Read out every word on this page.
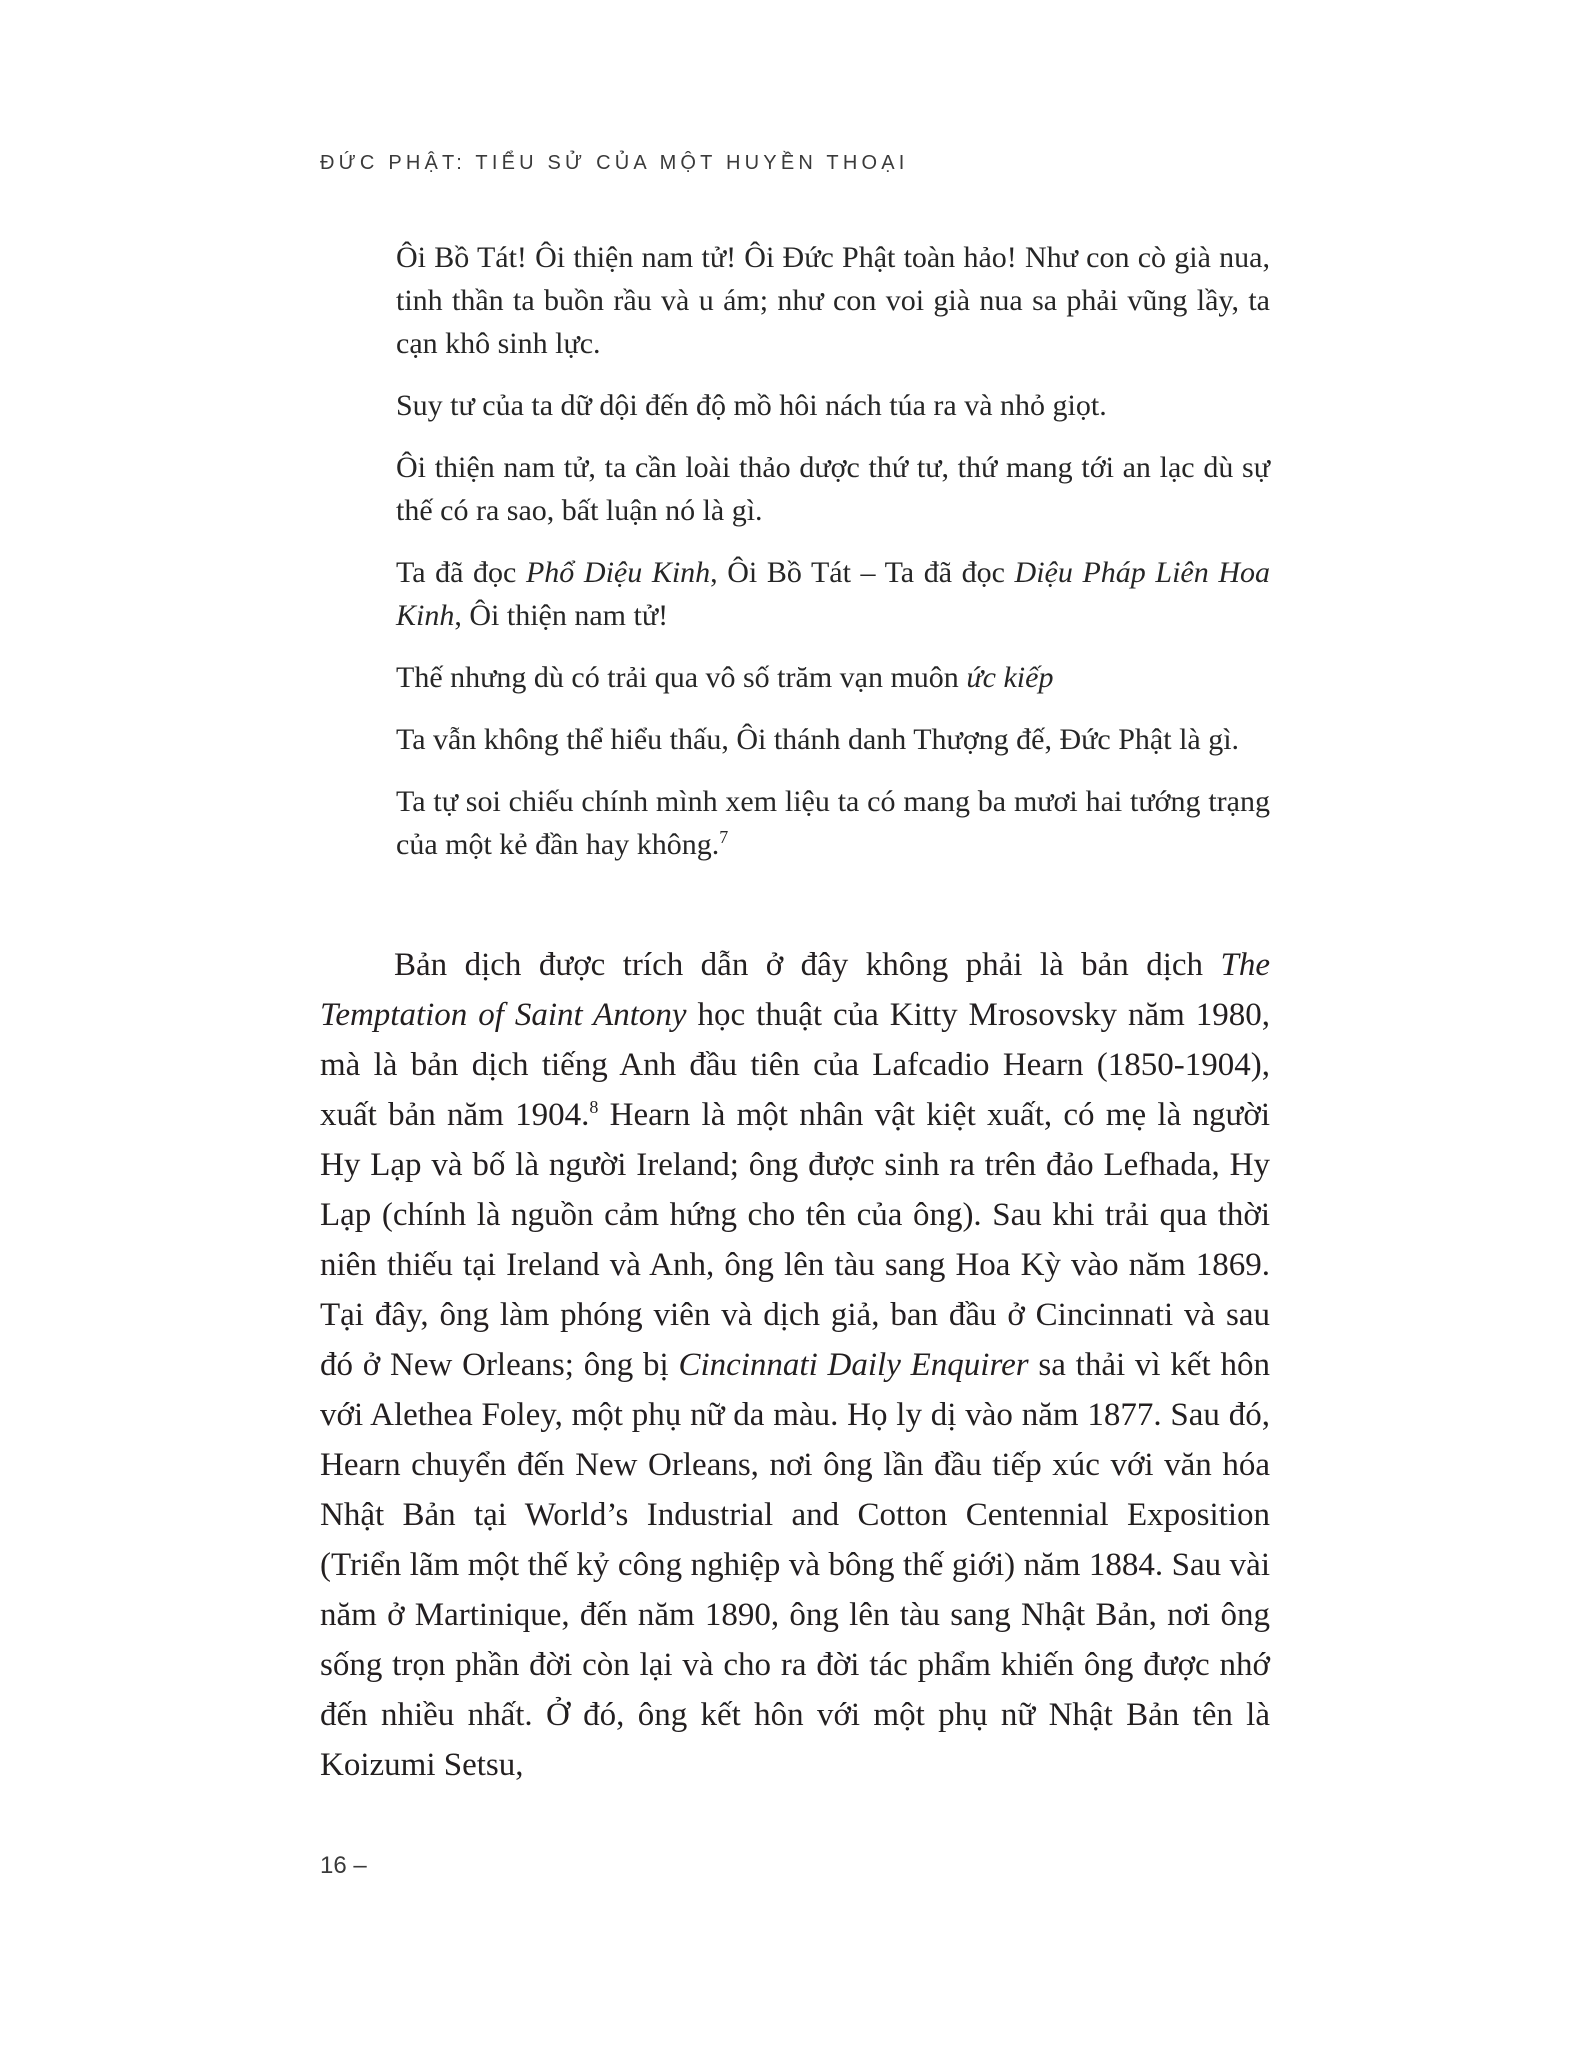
ĐỨC PHẬT: TIỂU SỬ CỦA MỘT HUYỀN THOẠI

Ôi Bồ Tát! Ôi thiện nam tử! Ôi Đức Phật toàn hảo! Như con cò già nua, tinh thần ta buồn rầu và u ám; như con voi già nua sa phải vũng lầy, ta cạn khô sinh lực.

Suy tư của ta dữ dội đến độ mồ hôi nách túa ra và nhỏ giọt.

Ôi thiện nam tử, ta cần loài thảo dược thứ tư, thứ mang tới an lạc dù sự thế có ra sao, bất luận nó là gì.

Ta đã đọc Phổ Diệu Kinh, Ôi Bồ Tát – Ta đã đọc Diệu Pháp Liên Hoa Kinh, Ôi thiện nam tử!

Thế nhưng dù có trải qua vô số trăm vạn muôn ức kiếp

Ta vẫn không thể hiểu thấu, Ôi thánh danh Thượng đế, Đức Phật là gì.

Ta tự soi chiếu chính mình xem liệu ta có mang ba mươi hai tướng trạng của một kẻ đần hay không.$^7$

Bản dịch được trích dẫn ở đây không phải là bản dịch The Temptation of Saint Antony học thuật của Kitty Mrosovsky năm 1980, mà là bản dịch tiếng Anh đầu tiên của Lafcadio Hearn (1850-1904), xuất bản năm 1904.$^8$ Hearn là một nhân vật kiệt xuất, có mẹ là người Hy Lạp và bố là người Ireland; ông được sinh ra trên đảo Lefhada, Hy Lạp (chính là nguồn cảm hứng cho tên của ông). Sau khi trải qua thời niên thiếu tại Ireland và Anh, ông lên tàu sang Hoa Kỳ vào năm 1869. Tại đây, ông làm phóng viên và dịch giả, ban đầu ở Cincinnati và sau đó ở New Orleans; ông bị Cincinnati Daily Enquirer sa thải vì kết hôn với Alethea Foley, một phụ nữ da màu. Họ ly dị vào năm 1877. Sau đó, Hearn chuyển đến New Orleans, nơi ông lần đầu tiếp xúc với văn hóa Nhật Bản tại World’s Industrial and Cotton Centennial Exposition (Triển lãm một thế kỷ công nghiệp và bông thế giới) năm 1884. Sau vài năm ở Martinique, đến năm 1890, ông lên tàu sang Nhật Bản, nơi ông sống trọn phần đời còn lại và cho ra đời tác phẩm khiến ông được nhớ đến nhiều nhất. Ở đó, ông kết hôn với một phụ nữ Nhật Bản tên là Koizumi Setsu,

16 –
